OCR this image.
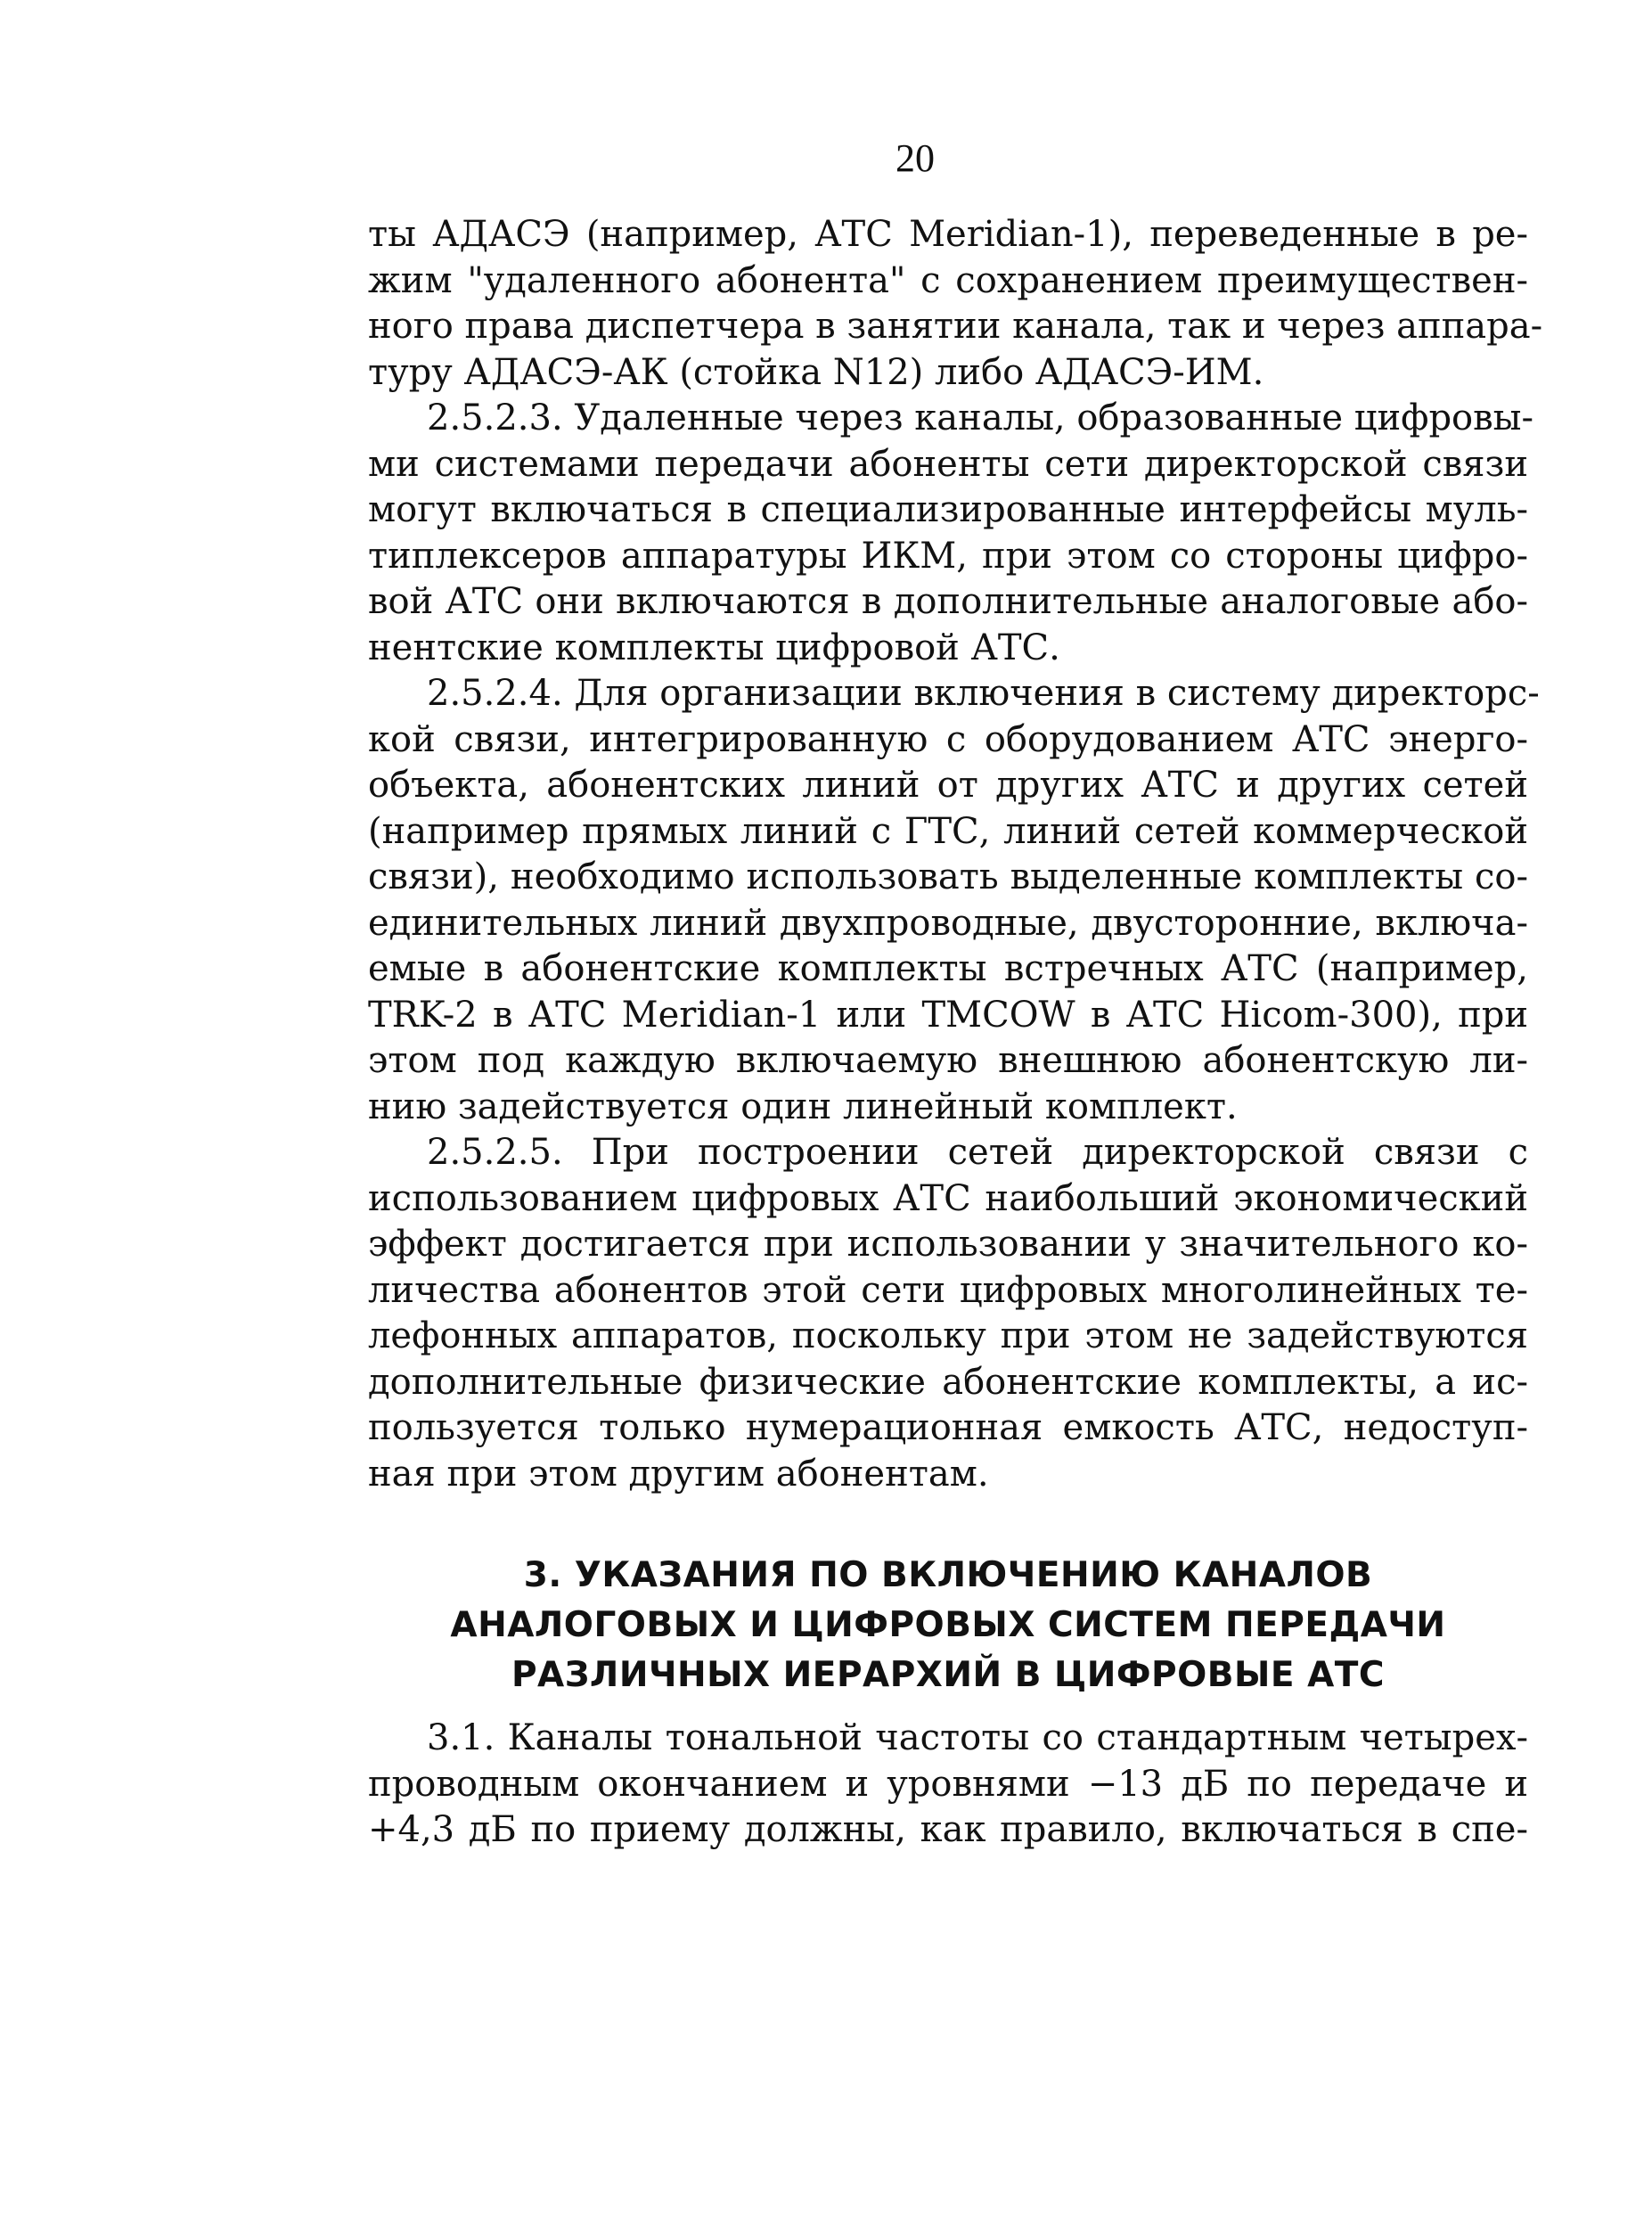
20

ты АДАСЭ (например, АТС Meridian-1), переведенные в ре-
жим "удаленного абонента" с сохранением преимуществен-
ного права диспетчера в занятии канала, так и через аппара-
туру АДАСЭ-АК (стойка N12) либо АДАСЭ-ИМ.

2.5.2.3. Удаленные через каналы, образованные цифровы-
ми системами передачи абоненты сети директорской связи
могут включаться в специализированные интерфейсы муль-
типлексеров аппаратуры ИКМ, при этом со стороны цифро-
вой АТС они включаются в дополнительные аналоговые або-
нентские комплекты цифровой АТС.

2.5.2.4. Для организации включения в систему директорс-
кой связи, интегрированную с оборудованием АТС энерго-
объекта, абонентских линий от других АТС и других сетей
(например прямых линий с ГТС, линий сетей коммерческой
связи), необходимо использовать выделенные комплекты со-
единительных линий двухпроводные, двусторонние, включа-
емые в абонентские комплекты встречных АТС (например,
TRK-2 в АТС Meridian-1 или TMCOW в АТС Hicom-300), при
этом под каждую включаемую внешнюю абонентскую ли-
нию задействуется один линейный комплект.

2.5.2.5. При построении сетей директорской связи с
использованием цифровых АТС наибольший экономический
эффект достигается при использовании у значительного ко-
личества абонентов этой сети цифровых многолинейных те-
лефонных аппаратов, поскольку при этом не задействуются
дополнительные физические абонентские комплекты, а ис-
пользуется только нумерационная емкость АТС, недоступ-
ная при этом другим абонентам.

3. УКАЗАНИЯ ПО ВКЛЮЧЕНИЮ КАНАЛОВ
АНАЛОГОВЫХ И ЦИФРОВЫХ СИСТЕМ ПЕРЕДАЧИ
РАЗЛИЧНЫХ ИЕРАРХИЙ В ЦИФРОВЫЕ АТС

3.1. Каналы тональной частоты со стандартным четырех-
проводным окончанием и уровнями −13 дБ по передаче и
+4,3 дБ по приему должны, как правило, включаться в спе-
